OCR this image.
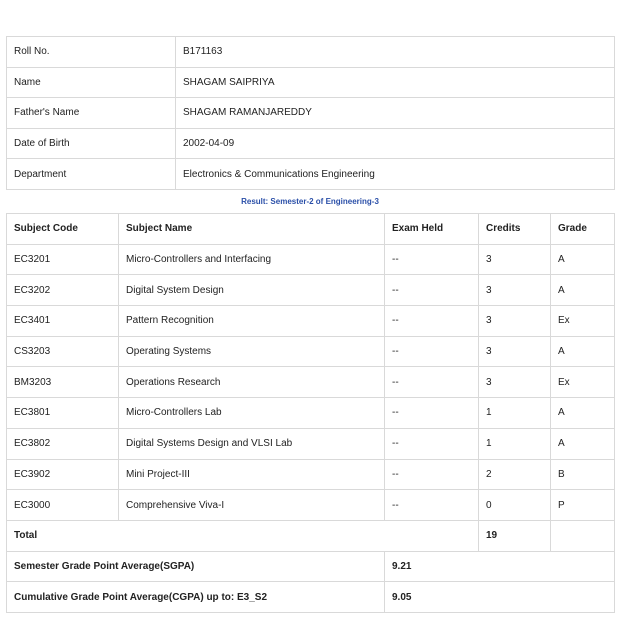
Roll No.	B171163
Name	SHAGAM SAIPRIYA
Father's Name	SHAGAM RAMANJAREDDY
Date of Birth	2002-04-09
Department	Electronics & Communications Engineering
Result: Semester-2 of Engineering-3
Subject Code	Subject Name	Exam Held	Credits	Grade
EC3201	Micro-Controllers and Interfacing	--	3	A
EC3202	Digital System Design	--	3	A
EC3401	Pattern Recognition	--	3	Ex
CS3203	Operating Systems	--	3	A
BM3203	Operations Research	--	3	Ex
EC3801	Micro-Controllers Lab	--	1	A
EC3802	Digital Systems Design and VLSI Lab	--	1	A
EC3902	Mini Project-III	--	2	B
EC3000	Comprehensive Viva-I	--	0	P
Total			19	
Semester Grade Point Average(SGPA)		9.21		
Cumulative Grade Point Average(CGPA) up to: E3_S2		9.05		
